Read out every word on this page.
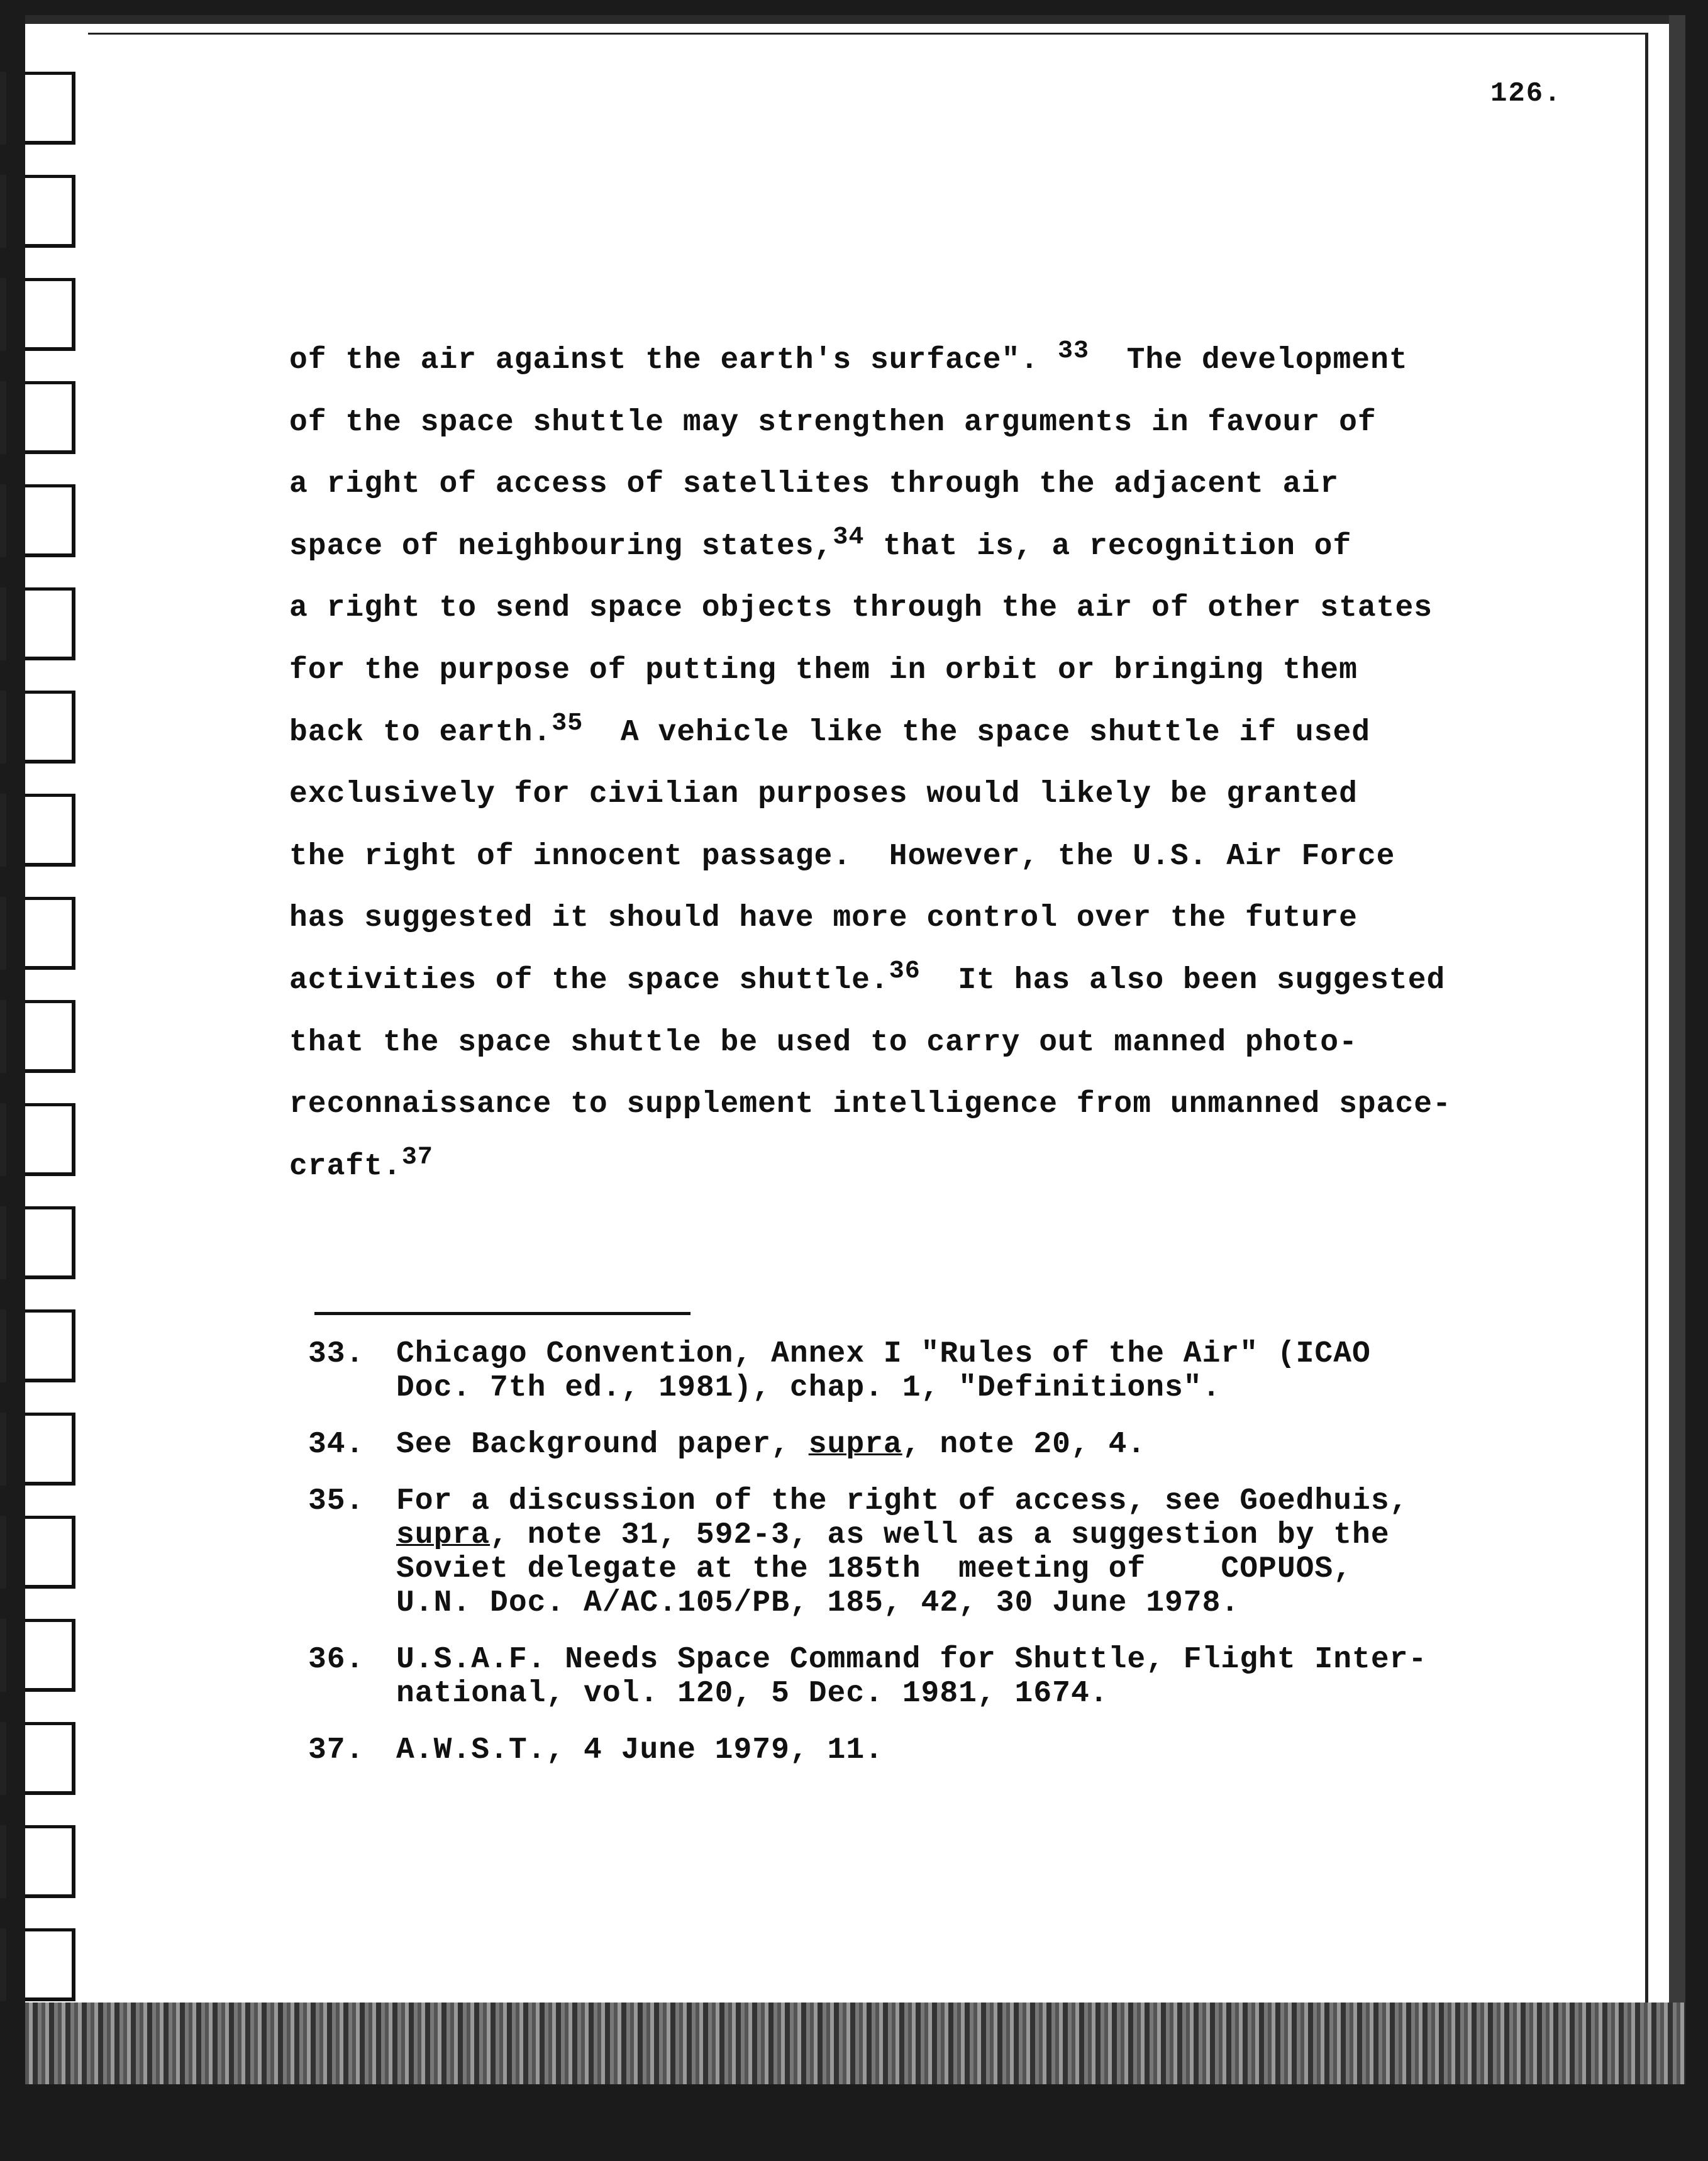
126.
of the air against the earth's surface". $^{33}$  The development
of the space shuttle may strengthen arguments in favour of
a right of access of satellites through the adjacent air
space of neighbouring states,$^{34}$ that is, a recognition of
a right to send space objects through the air of other states
for the purpose of putting them in orbit or bringing them
back to earth.$^{35}$  A vehicle like the space shuttle if used
exclusively for civilian purposes would likely be granted
the right of innocent passage.  However, the U.S. Air Force
has suggested it should have more control over the future
activities of the space shuttle.$^{36}$  It has also been suggested
that the space shuttle be used to carry out manned photo-
reconnaissance to supplement intelligence from unmanned space-
craft.$^{37}$
33. Chicago Convention, Annex I "Rules of the Air" (ICAO
Doc. 7th ed., 1981), chap. 1, "Definitions".
34. See Background paper, supra, note 20, 4.
35. For a discussion of the right of access, see Goedhuis,
supra, note 31, 592-3, as well as a suggestion by the
Soviet delegate at the 185th  meeting of    COPUOS,
U.N. Doc. A/AC.105/PB, 185, 42, 30 June 1978.
36. U.S.A.F. Needs Space Command for Shuttle, Flight Inter-
national, vol. 120, 5 Dec. 1981, 1674.
37. A.W.S.T., 4 June 1979, 11.
